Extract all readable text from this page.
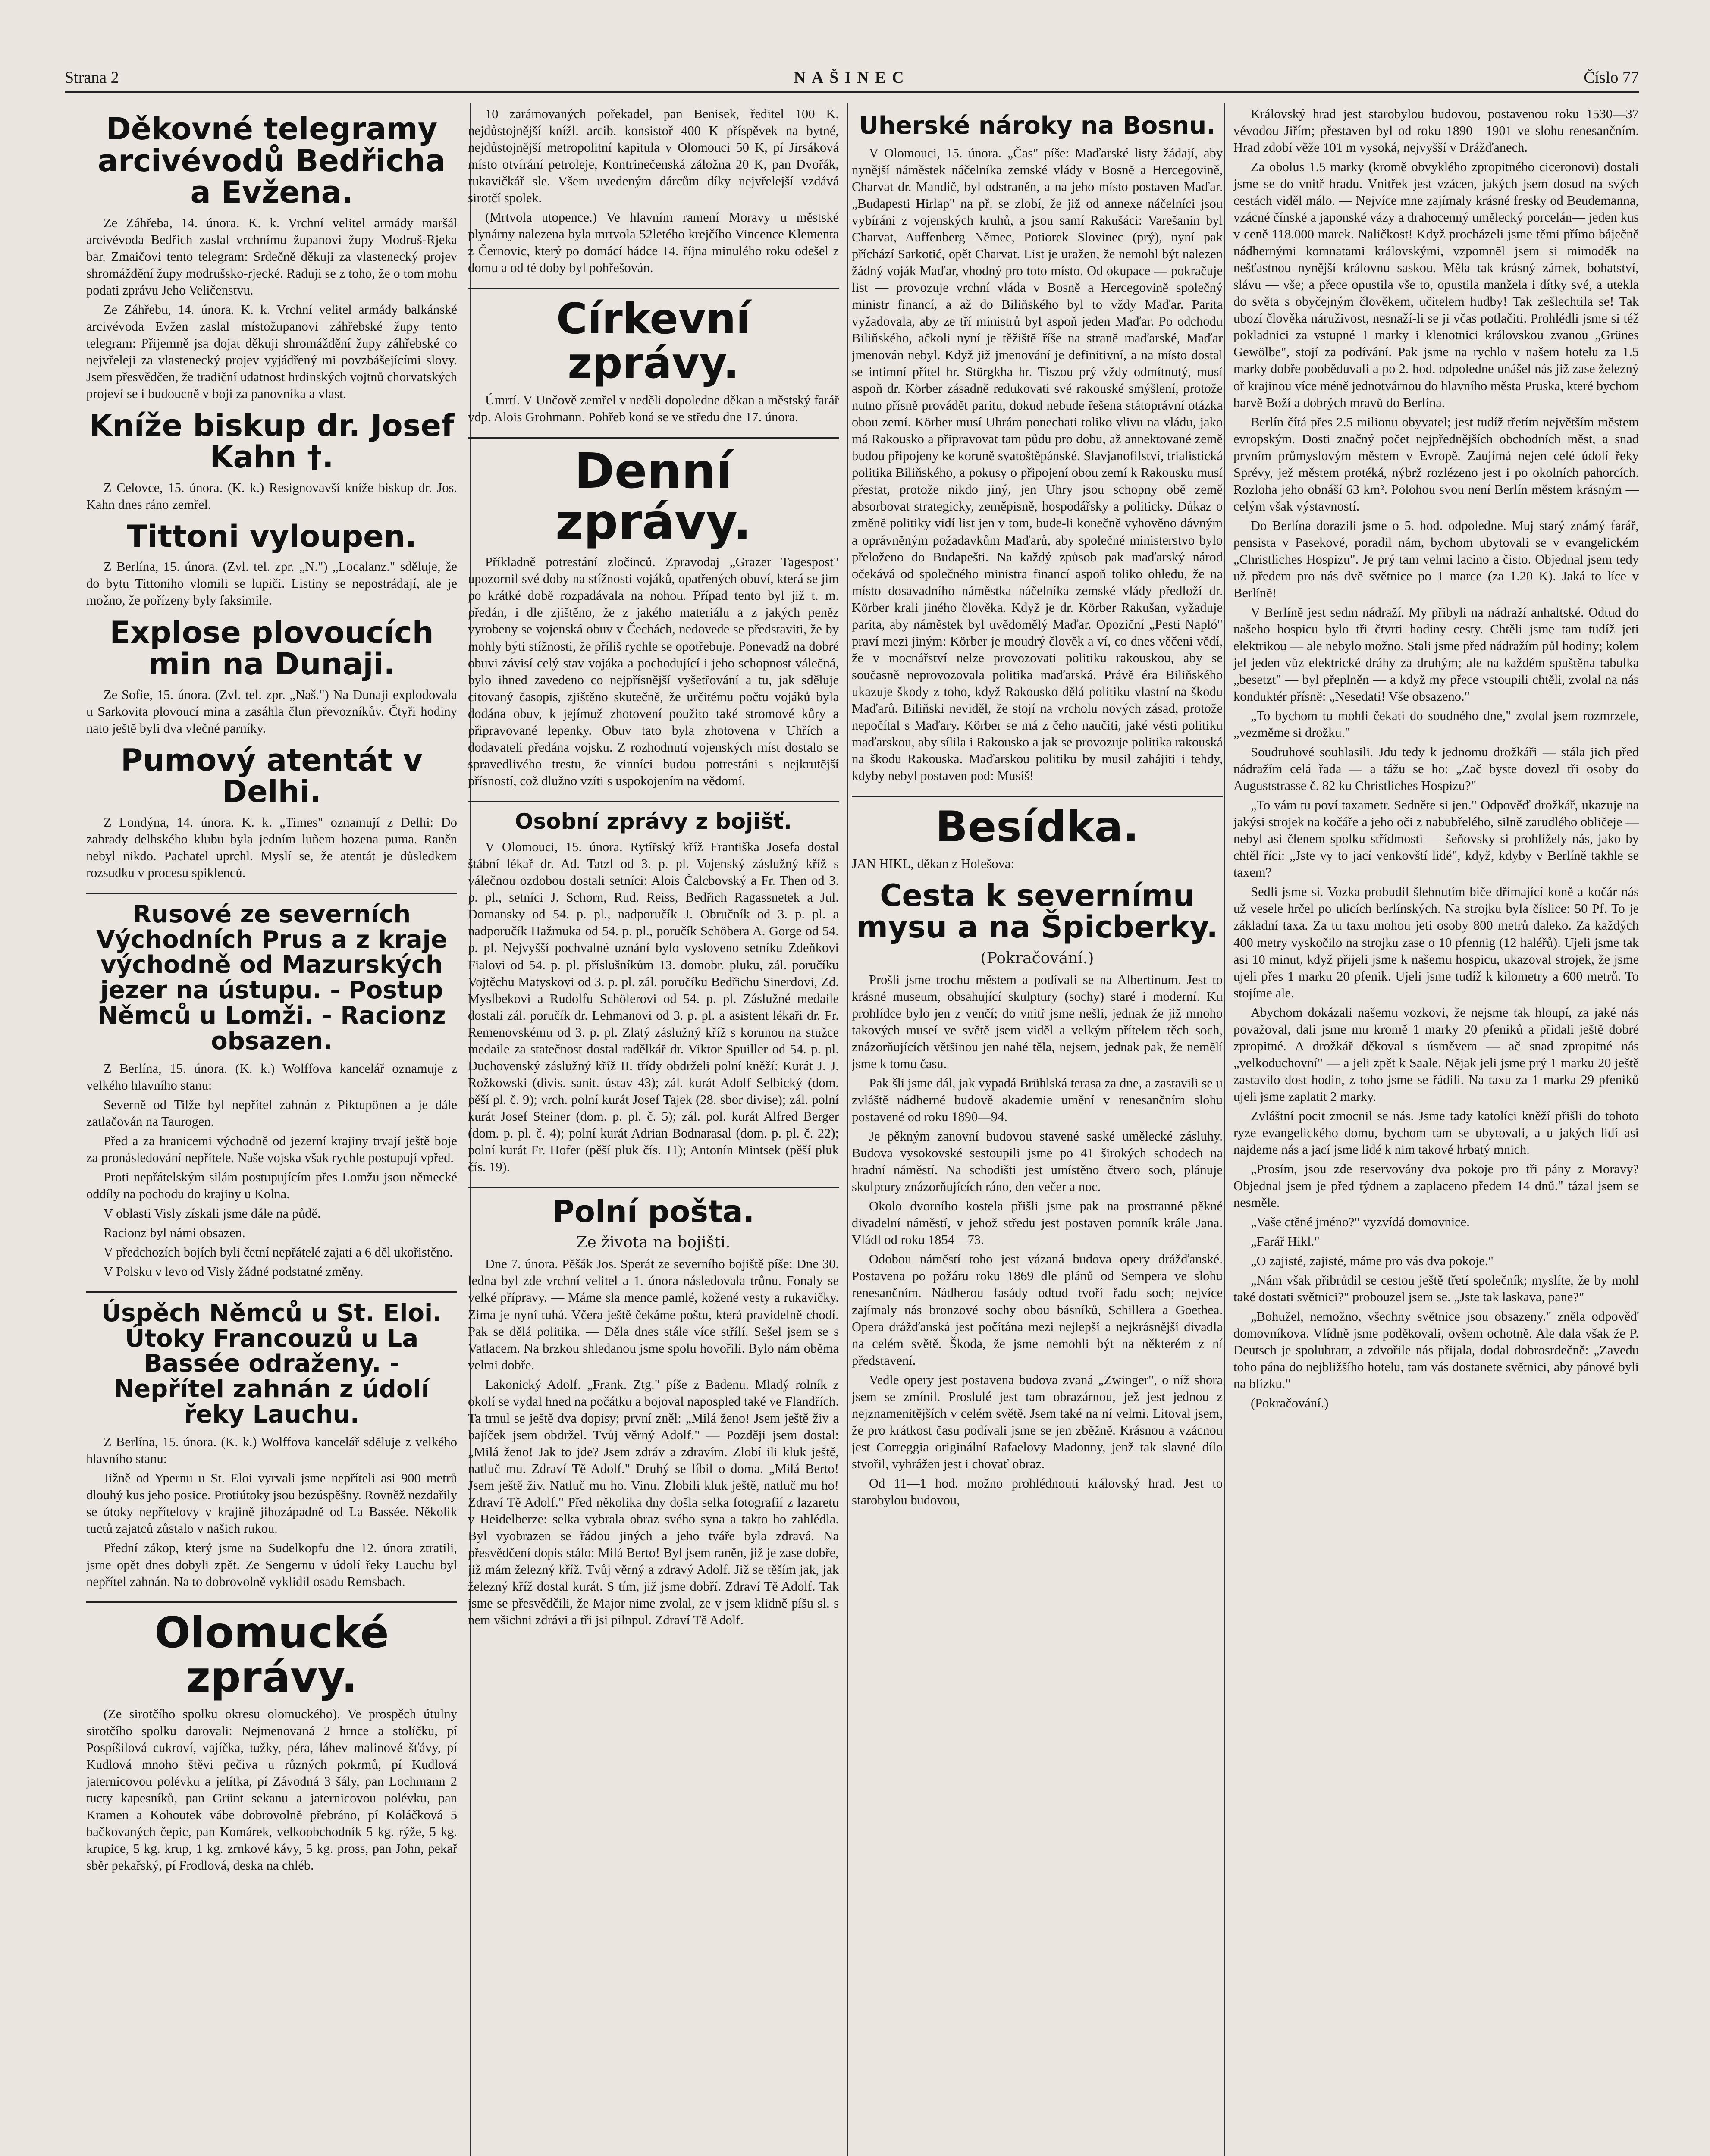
Strana 2	NAŠINEC	Číslo 77
Děkovné telegramy arcivévodů Bedřicha a Evžena.

Ze Záhřeba, 14. února. K. k. Vrchní velitel armády maršál arcivévoda Bedřich zaslal vrchnímu županovi župy Modruš-Rjeka bar. Zmaičovi tento telegram: Srdečně děkuji za vlastenecký projev shromáždění župy modrušsko-rjecké. Raduji se z toho, že o tom mohu podati zprávu Jeho Veličenstvu.

Ze Záhřebu, 14. února. K. k. Vrchní velitel armády balkánské arcivévoda Evžen zaslal místožupanovi záhřebské župy tento telegram: Přijemně jsa dojat děkuji shromáždění župy záhřebské co nejvřeleji za vlastenecký projev vyjádřený mi povzbášejícími slovy. Jsem přesvědčen, že tradiční udatnost hrdinských vojtnů chorvatských projeví se i budoucně v boji za panovníka a vlast.

Kníže biskup dr. Josef Kahn †.

Z Celovce, 15. února. (K. k.) Resignovavší kníže biskup dr. Jos. Kahn dnes ráno zemřel.

Tittoni vyloupen.

Z Berlína, 15. února. (Zvl. tel. zpr. „N.") „Localanz." sděluje, že do bytu Tittoniho vlomili se lupiči. Listiny se nepostrádají, ale je možno, že pořízeny byly faksimile.

Explose plovoucích min na Dunaji.

Ze Sofie, 15. února. (Zvl. tel. zpr. „Naš.") Na Dunaji explodovala u Sarkovita plovoucí mina a zasáhla člun převozníkův. Čtyři hodiny nato ještě byli dva vlečné parníky.

Pumový atentát v Delhi.

Z Londýna, 14. února. K. k. „Times" oznamují z Delhi: Do zahrady delhského klubu byla jedním luñem hozena puma. Raněn nebyl nikdo. Pachatel uprchl. Myslí se, že atentát je důsledkem rozsudku v procesu spiklenců.

Rusové ze severních Východních Prus a z kraje východně od Mazurských jezer na ústupu. - Postup Němců u Lomži. - Racionz obsazen.

Z Berlína, 15. února. (K. k.) Wolffova kancelář oznamuje z velkého hlavního stanu:

Severně od Tilže byl nepřítel zahnán z Piktupönen a je dále zatlačován na Taurogen.

Před a za hranicemi východně od jezerní krajiny trvají ještě boje za pronásledování nepřítele. Naše vojska však rychle postupují vpřed.

Proti nepřátelským silám postupujícím přes Lomžu jsou německé oddíly na pochodu do krajiny u Kolna.

V oblasti Visly získali jsme dále na půdě.

Racionz byl námi obsazen.

V předchozích bojích byli četní nepřátelé zajati a 6 děl ukořistěno.

V Polsku v levo od Visly žádné podstatné změny.

Úspěch Němců u St. Eloi. Útoky Francouzů u La Bassée odraženy. - Nepřítel zahnán z údolí řeky Lauchu.

Z Berlína, 15. února. (K. k.) Wolffova kancelář sděluje z velkého hlavního stanu:

Jižně od Ypernu u St. Eloi vyrvali jsme nepříteli asi 900 metrů dlouhý kus jeho posice. Protiútoky jsou bezúspěšny. Rovněž nezdařily se útoky nepřítelovy v krajině jihozápadně od La Bassée. Několik tuctů zajatců zůstalo v našich rukou.

Přední zákop, který jsme na Sudelkopfu dne 12. února ztratili, jsme opět dnes dobyli zpět. Ze Sengernu v údolí řeky Lauchu byl nepřítel zahnán. Na to dobrovolně vyklidil osadu Remsbach.

Olomucké zprávy.

(Ze sirotčího spolku okresu olomuckého). Ve prospěch útulny sirotčího spolku darovali: Nejmenovaná 2 hrnce a stolíčku, pí Pospíšilová cukroví, vajíčka, tužky, péra, láhev malinové šťávy, pí Kudlová mnoho štěvi pečiva u různých pokrmů, pí Kudlová jaternicovou polévku a jelítka, pí Závodná 3 šály, pan Lochmann 2 tucty kapesníků, pan Grünt sekanu a jaternicovou polévku, pan Kramen a Kohoutek vábe dobrovolně přebráno, pí Koláčková 5 bačkovaných čepic, pan Komárek, velkoobchodník 5 kg. rýže, 5 kg. krupice, 5 kg. krup, 1 kg. zrnkové kávy, 5 kg. pross, pan John, pekař sběr pekařský, pí Frodlová, deska na chléb.

10 zarámovaných pořekadel, pan Benisek, ředitel 100 K. nejdůstojnější knížl. arcib. konsistoř 400 K příspěvek na bytné, nejdůstojnější metropolitní kapitula v Olomouci 50 K, pí Jirsáková místo otvírání petroleje, Kontrinečenská záložna 20 K, pan Dvořák, rukavičkář sle. Všem uvedeným dárcům díky nejvřelejší vzdává sirotčí spolek.

(Mrtvola utopence.) Ve hlavním ramení Moravy u městské plynárny nalezena byla mrtvola 52letého krejčího Vincence Klementa z Černovic, který po domácí hádce 14. října minulého roku odešel z domu a od té doby byl pohřešován.

Církevní zprávy.

Úmrtí. V Unčově zemřel v neděli dopoledne děkan a městský farář vdp. Alois Grohmann. Pohřeb koná se ve středu dne 17. února.

Denní zprávy.

Příkladně potrestání zločinců. Zpravodaj „Grazer Tagespost" upozornil své doby na stížnosti vojáků, opatřených obuví, která se jim po krátké době rozpadávala na nohou. Případ tento byl již t. m. předán, i dle zjištěno, že z jakého materiálu a z jakých peněz vyrobeny se vojenská obuv v Čechách, nedovede se představiti, že by mohly býti stížnosti, že příliš rychle se opotřebuje. Ponevadž na dobré obuvi závisí celý stav vojáka a pochodující i jeho schopnost válečná, bylo ihned zavedeno co nejpřísnější vyšetřování a tu, jak sděluje citovaný časopis, zjištěno skutečně, že určitému počtu vojáků byla dodána obuv, k jejímuž zhotovení použito také stromové kůry a připravované lepenky. Obuv tato byla zhotovena v Uhřích a dodavateli předána vojsku. Z rozhodnutí vojenských míst dostalo se spravedlivého trestu, že vinníci budou potrestáni s nejkrutější přísností, což dlužno vzíti s uspokojením na vědomí.

Osobní zprávy z bojišť.

V Olomouci, 15. února. Rytířský kříž Františka Josefa dostal štábní lékař dr. Ad. Tatzl od 3. p. pl. Vojenský záslužný kříž s válečnou ozdobou dostali setníci: Alois Čalcbovský a Fr. Then od 3. p. pl., setníci J. Schorn, Rud. Reiss, Bedřich Ragassnetek a Jul. Domansky od 54. p. pl., nadporučík J. Obručník od 3. p. pl. a nadporučík Hažmuka od 54. p. pl., poručík Schöbera A. Gorge od 54. p. pl. Nejvyšší pochvalné uznání bylo vysloveno setníku Zdeňkovi Fialovi od 54. p. pl. příslušníkům 13. domobr. pluku, zál. poručíku Vojtěchu Matyskovi od 3. p. pl. zál. poručíku Bedřichu Sinerdovi, Zd. Myslbekovi a Rudolfu Schölerovi od 54. p. pl. Záslužné medaile dostali zál. poručík dr. Lehmanovi od 3. p. pl. a asistent lékaři dr. Fr. Remenovskému od 3. p. pl. Zlatý záslužný kříž s korunou na stužce medaile za statečnost dostal radělkář dr. Viktor Spuiller od 54. p. pl. Duchovenský záslužný kříž II. třídy obdrželi polní kněží: Kurát J. J. Rožkowski (divis. sanit. ústav 43); zál. kurát Adolf Selbický (dom. pěší pl. č. 9); vrch. polní kurát Josef Tajek (28. sbor divise); zál. polní kurát Josef Steiner (dom. p. pl. č. 5); zál. pol. kurát Alfred Berger (dom. p. pl. č. 4); polní kurát Adrian Bodnarasal (dom. p. pl. č. 22); polní kurát Fr. Hofer (pěší pluk čís. 11); Antonín Mintsek (pěší pluk čís. 19).

Polní pošta.
Ze života na bojišti.

Dne 7. února. Pěšák Jos. Sperát ze severního bojiště píše: Dne 30. ledna byl zde vrchní velitel a 1. února následovala trůnu. Fonaly se velké přípravy. — Máme sla mence pamlé, kožené vesty a rukavičky. Zima je nyní tuhá. Včera ještě čekáme poštu, která pravidelně chodí. Pak se dělá politika. — Děla dnes stále více střílí. Sešel jsem se s Vatlacem. Na brzkou shledanou jsme spolu hovořili. Bylo nám oběma velmi dobře.

Lakonický Adolf. „Frank. Ztg." píše z Badenu. Mladý rolník z okolí se vydal hned na počátku a bojoval napospled také ve Flandřích. Ta trnul se ještě dva dopisy; první zněl: „Milá ženo! Jsem ještě živ a bajíček jsem obdržel. Tvůj věrný Adolf." — Později jsem dostal: „Milá ženo! Jak to jde? Jsem zdráv a zdravím. Zlobí ili kluk ještě, natluč mu. Zdraví Tě Adolf." Druhý se líbil o doma. „Milá Berto! Jsem ještě živ. Natluč mu ho. Vinu. Zlobili kluk ještě, natluč mu ho! Zdraví Tě Adolf." Před několika dny došla selka fotografií z lazaretu v Heidelberze: selka vybrala obraz svého syna a takto ho zahlédla. Byl vyobrazen se řádou jiných a jeho tváře byla zdravá. Na přesvědčení dopis stálo: Milá Berto! Byl jsem raněn, již je zase dobře, již mám železný kříž. Tvůj věrný a zdravý Adolf. Již se těším jak, jak železný kříž dostal kurát. S tím, již jsme dobří. Zdraví Tě Adolf. Tak jsme se přesvědčili, že Major nime zvolal, ze v jsem klidně píšu sl. s nem všichni zdrávi a tři jsi pilnpul. Zdraví Tě Adolf.

Uherské nároky na Bosnu.

V Olomouci, 15. února. „Čas" píše: Maďarské listy žádají, aby nynější náměstek náčelníka zemské vlády v Bosně a Hercegovině, Charvat dr. Mandič, byl odstraněn, a na jeho místo postaven Maďar. „Budapesti Hirlap" na př. se zlobí, že již od annexe náčelníci jsou vybíráni z vojenských kruhů, a jsou samí Rakušáci: Varešanin byl Charvat, Auffenberg Němec, Potiorek Slovinec (prý), nyní pak příchází Sarkotić, opět Charvat. List je uražen, že nemohl být nalezen žádný voják Maďar, vhodný pro toto místo. Od okupace — pokračuje list — provozuje vrchní vláda v Bosně a Hercegovině společný ministr financí, a až do Biliňského byl to vždy Maďar. Parita vyžadovala, aby ze tří ministrů byl aspoň jeden Maďar. Po odchodu Biliňského, ačkoli nyní je těžiště říše na straně maďarské, Maďar jmenován nebyl. Když již jmenování je definitivní, a na místo dostal se intimní přítel hr. Stürgkha hr. Tiszou prý vždy odmítnutý, musí aspoň dr. Körber zásadně redukovati své rakouské smýšlení, protože nutno přísně provádět paritu, dokud nebude řešena státoprávní otázka obou zemí. Körber musí Uhrám ponechati toliko vlivu na vládu, jako má Rakousko a připravovat tam půdu pro dobu, až annektované země budou připojeny ke koruně svatoštěpánské. Slavjanofilství, trialistická politika Biliňského, a pokusy o připojení obou zemí k Rakousku musí přestat, protože nikdo jiný, jen Uhry jsou schopny obě země absorbovat strategicky, zeměpisně, hospodářsky a politicky. Důkaz o změně politiky vidí list jen v tom, bude-li konečně vyhověno dávným a oprávněným požadavkům Maďarů, aby společné ministerstvo bylo přeloženo do Budapešti. Na každý způsob pak maďarský národ očekává od společného ministra financí aspoň toliko ohledu, že na místo dosavadního náměstka náčelníka zemské vlády předloží dr. Körber krali jiného člověka. Když je dr. Körber Rakušan, vyžaduje parita, aby náměstek byl uvědomělý Maďar. Opoziční „Pesti Napló" praví mezi jiným: Körber je moudrý člověk a ví, co dnes věčeni vědí, že v mocnářství nelze provozovati politiku rakouskou, aby se současně neprovozovala politika maďarská. Právě éra Biliňského ukazuje škody z toho, když Rakousko dělá politiku vlastní na škodu Maďarů. Biliňski neviděl, že stojí na vrcholu nových zásad, protože nepočítal s Maďary. Körber se má z čeho naučiti, jaké vésti politiku maďarskou, aby sílila i Rakousko a jak se provozuje politika rakouská na škodu Rakouska. Maďarskou politiku by musil zahájiti i tehdy, kdyby nebyl postaven pod: Musíš!

Besídka.

JAN HIKL, děkan z Holešova:

Cesta k severnímu mysu a na Špicberky.
(Pokračování.)

Prošli jsme trochu městem a podívali se na Albertinum. Jest to krásné museum, obsahující skulptury (sochy) staré i moderní. Ku prohlídce bylo jen z venčí; do vnitř jsme nešli, jednak že již mnoho takových museí ve světě jsem viděl a velkým přítelem těch soch, znázorňujících většinou jen nahé těla, nejsem, jednak pak, že nemělí jsme k tomu času.

Pak šli jsme dál, jak vypadá Brühlská terasa za dne, a zastavili se u zvláště nádherné budově akademie umění v renesančním slohu postavené od roku 1890—94.

Je pěkným zanovní budovou stavené saské umělecké zásluhy. Budova vysokovské sestoupili jsme po 41 širokých schodech na hradní náměstí. Na schodišti jest umístěno čtvero soch, plánuje skulptury znázorňujících ráno, den večer a noc.

Okolo dvorního kostela přišli jsme pak na prostranné pěkné divadelní náměstí, v jehož středu jest postaven pomník krále Jana. Vládl od roku 1854—73.

Odobou náměstí toho jest vázaná budova opery drážďanské. Postavena po požáru roku 1869 dle plánů od Sempera ve slohu renesančním. Nádherou fasády odtud tvoří řadu soch; nejvíce zajímaly nás bronzové sochy obou básníků, Schillera a Goethea. Opera drážďanská jest počítána mezi nejlepší a nejkrásnější divadla na celém světě. Škoda, že jsme nemohli být na některém z ní představení.

Vedle opery jest postavena budova zvaná „Zwinger", o níž shora jsem se zmínil. Proslulé jest tam obrazárnou, jež jest jednou z nejznamenitějších v celém světě. Jsem také na ní velmi. Litoval jsem, že pro krátkost času podívali jsme se jen zběžně. Krásnou a vzácnou jest Correggia originální Rafaelovy Madonny, jenž tak slavné dílo stvořil, vyhrážen jest i chovať obraz.

Od 11—1 hod. možno prohlédnouti královský hrad. Jest to starobylou budovou,

Královský hrad jest starobylou budovou, postavenou roku 1530—37 vévodou Jiřím; přestaven byl od roku 1890—1901 ve slohu renesančním. Hrad zdobí věže 101 m vysoká, nejvyšší v Drážďanech.

Za obolus 1.5 marky (kromě obvyklého zpropitného ciceronovi) dostali jsme se do vnitř hradu. Vnitřek jest vzácen, jakých jsem dosud na svých cestách viděl málo. — Nejvíce mne zajímaly krásné fresky od Beudemanna, vzácné čínské a japonské vázy a drahocenný umělecký porcelán— jeden kus v ceně 118.000 marek. Naličkost! Když procházeli jsme těmi přímo báječně nádhernými komnatami královskými, vzpomněl jsem si mimoděk na nešťastnou nynější královnu saskou. Měla tak krásný zámek, bohatství, slávu — vše; a přece opustila vše to, opustila manžela i dítky své, a utekla do světa s obyčejným člověkem, učitelem hudby! Tak zešlechtila se! Tak ubozí člověka náruživost, nesnaží-li se ji včas potlačiti. Prohlédli jsme si též pokladnici za vstupné 1 marky i klenotnici královskou zvanou „Grünes Gewölbe", stojí za podívání. Pak jsme na rychlo v našem hotelu za 1.5 marky dobře pooběduvali a po 2. hod. odpoledne unášel nás již zase železný oř krajinou více méně jednotvárnou do hlavního města Pruska, které bychom barvě Boží a dobrých mravů do Berlína.

Berlín čítá přes 2.5 milionu obyvatel; jest tudíž třetím největším městem evropským. Dosti značný počet nejpřednějších obchodních měst, a snad prvním průmyslovým městem v Evropě. Zaujímá nejen celé údolí řeky Sprévy, jež městem protéká, nýbrž rozlézeno jest i po okolních pahorcích. Rozloha jeho obnáší 63 km². Polohou svou není Berlín městem krásným — celým však výstavností.

Do Berlína dorazili jsme o 5. hod. odpoledne. Muj starý známý farář, pensista v Pasekové, poradil nám, bychom ubytovali se v evangelickém „Christliches Hospizu". Je prý tam velmi lacino a čisto. Objednal jsem tedy už předem pro nás dvě světnice po 1 marce (za 1.20 K). Jaká to líce v Berlíně!

V Berlíně jest sedm nádraží. My přibyli na nádraží anhaltské. Odtud do našeho hospicu bylo tři čtvrti hodiny cesty. Chtěli jsme tam tudíž jeti elektrikou — ale nebylo možno. Stali jsme před nádražím půl hodiny; kolem jel jeden vůz elektrické dráhy za druhým; ale na každém spuštěna tabulka „besetzt" — byl přeplněn — a když my přece vstoupili chtěli, zvolal na nás konduktér přísně: „Nesedati! Vše obsazeno."

„To bychom tu mohli čekati do soudného dne," zvolal jsem rozmrzele, „vezměme si drožku."

Soudruhové souhlasili. Jdu tedy k jednomu drožkáři — stála jich před nádražím celá řada — a tážu se ho: „Zač byste dovezl tři osoby do Auguststrasse č. 82 ku Christliches Hospizu?"

„To vám tu poví taxametr. Sedněte si jen." Odpověď drožkář, ukazuje na jakýsi strojek na kočáře a jeho oči z nabubřelého, silně zarudlého obličeje — nebyl asi členem spolku střídmosti — šeňovsky si prohlížely nás, jako by chtěl říci: „Jste vy to jací venkovští lidé", když, kdyby v Berlíně takhle se taxem?

Sedli jsme si. Vozka probudil šlehnutím biče dřímající koně a kočár nás už vesele hrčel po ulicích berlínských. Na strojku byla číslice: 50 Pf. To je základní taxa. Za tu taxu mohou jeti osoby 800 metrů daleko. Za každých 400 metry vyskočilo na strojku zase o 10 pfennig (12 haléřů). Ujeli jsme tak asi 10 minut, když přijeli jsme k našemu hospicu, ukazoval strojek, že jsme ujeli přes 1 marku 20 pfenik. Ujeli jsme tudíž k kilometry a 600 metrů. To stojíme ale.

Abychom dokázali našemu vozkovi, že nejsme tak hloupí, za jaké nás považoval, dali jsme mu kromě 1 marky 20 pfeniků a přidali ještě dobré zpropitné. A drožkář děkoval s úsměvem — ač snad zpropitné nás „velkoduchovní" — a jeli zpět k Saale. Nějak jeli jsme prý 1 marku 20 ještě zastavilo dost hodin, z toho jsme se řádili. Na taxu za 1 marka 29 pfeniků ujeli jsme zaplatit 2 marky.

Zvláštní pocit zmocnil se nás. Jsme tady katolíci kněží přišli do tohoto ryze evangelického domu, bychom tam se ubytovali, a u jakých lidí asi najdeme nás a jací jsme lidé k nim takové hrbatý mnich.

„Prosím, jsou zde reservovány dva pokoje pro tři pány z Moravy? Objednal jsem je před týdnem a zaplaceno předem 14 dnů." tázal jsem se nesměle.

„Vaše ctěné jméno?" vyzvídá domovnice.

„Farář Hikl."

„O zajisté, zajisté, máme pro vás dva pokoje."

„Nám však přibrůdil se cestou ještě třetí společník; myslíte, že by mohl také dostati světnici?" probouzel jsem se. „Jste tak laskava, pane?"

„Bohužel, nemožno, všechny světnice jsou obsazeny." zněla odpověď domovníkova. Vlídně jsme poděkovali, ovšem ochotně. Ale dala však že P. Deutsch je spolubratr, a zdvořile nás přijala, dodal dobrosrdečně: „Zavedu toho pána do nejbližšího hotelu, tam vás dostanete světnici, aby pánové byli na blízku."

(Pokračování.)
